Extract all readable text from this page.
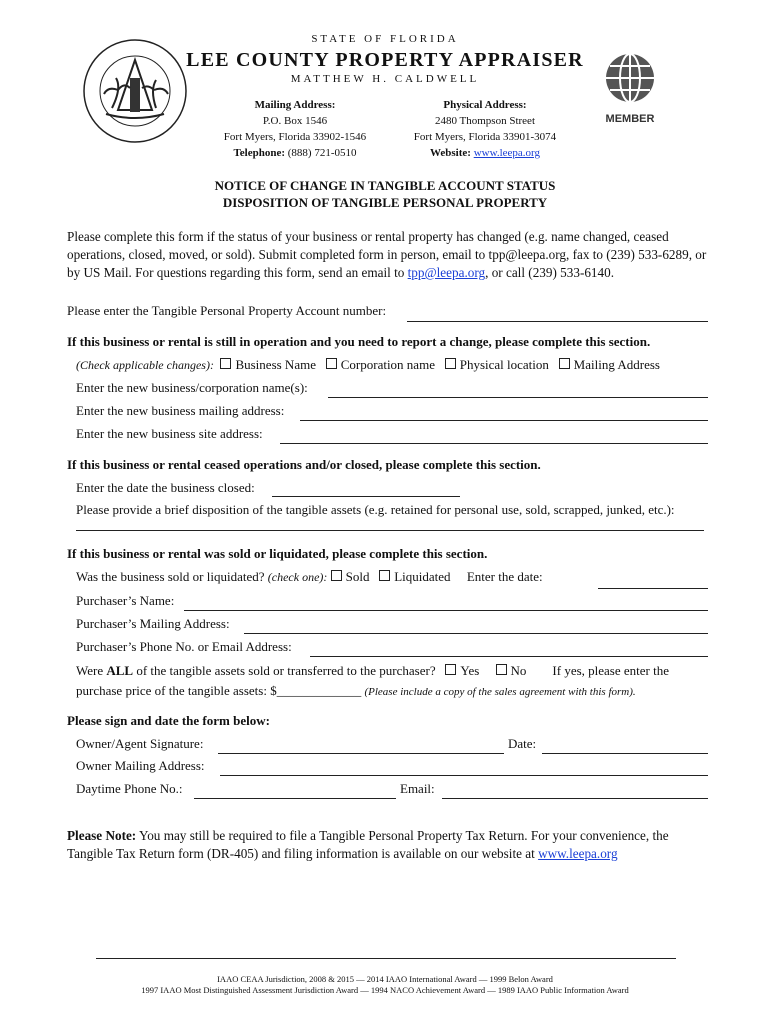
STATE OF FLORIDA
LEE COUNTY PROPERTY APPRAISER
MATTHEW H. CALDWELL
Mailing Address:
P.O. Box 1546
Fort Myers, Florida 33902-1546
Physical Address:
2480 Thompson Street
Fort Myers, Florida 33901-3074
Telephone: (888) 721-0510	Website: www.leepa.org
MEMBER
NOTICE OF CHANGE IN TANGIBLE ACCOUNT STATUS
DISPOSITION OF TANGIBLE PERSONAL PROPERTY
Please complete this form if the status of your business or rental property has changed (e.g. name changed, ceased operations, closed, moved, or sold). Submit completed form in person, email to tpp@leepa.org, fax to (239) 533-6289, or by US Mail. For questions regarding this form, send an email to tpp@leepa.org, or call (239) 533-6140.
Please enter the Tangible Personal Property Account number:
If this business or rental is still in operation and you need to report a change, please complete this section.
(Check applicable changes): Business Name Corporation name Physical location Mailing Address
Enter the new business/corporation name(s):
Enter the new business mailing address:
Enter the new business site address:
If this business or rental ceased operations and/or closed, please complete this section.
Enter the date the business closed:
Please provide a brief disposition of the tangible assets (e.g. retained for personal use, sold, scrapped, junked, etc.):
If this business or rental was sold or liquidated, please complete this section.
Was the business sold or liquidated? (check one): Sold Liquidated Enter the date:
Purchaser’s Name:
Purchaser’s Mailing Address:
Purchaser’s Phone No. or Email Address:
Were ALL of the tangible assets sold or transferred to the purchaser? Yes No If yes, please enter the
purchase price of the tangible assets: $_____________ (Please include a copy of the sales agreement with this form).
Please sign and date the form below:
Owner/Agent Signature:	Date:
Owner Mailing Address:
Daytime Phone No.:	Email:
Please Note: You may still be required to file a Tangible Personal Property Tax Return. For your convenience, the Tangible Tax Return form (DR-405) and filing information is available on our website at www.leepa.org
IAAO CEAA Jurisdiction, 2008 & 2015 — 2014 IAAO International Award — 1999 Belon Award
1997 IAAO Most Distinguished Assessment Jurisdiction Award — 1994 NACO Achievement Award — 1989 IAAO Public Information Award
